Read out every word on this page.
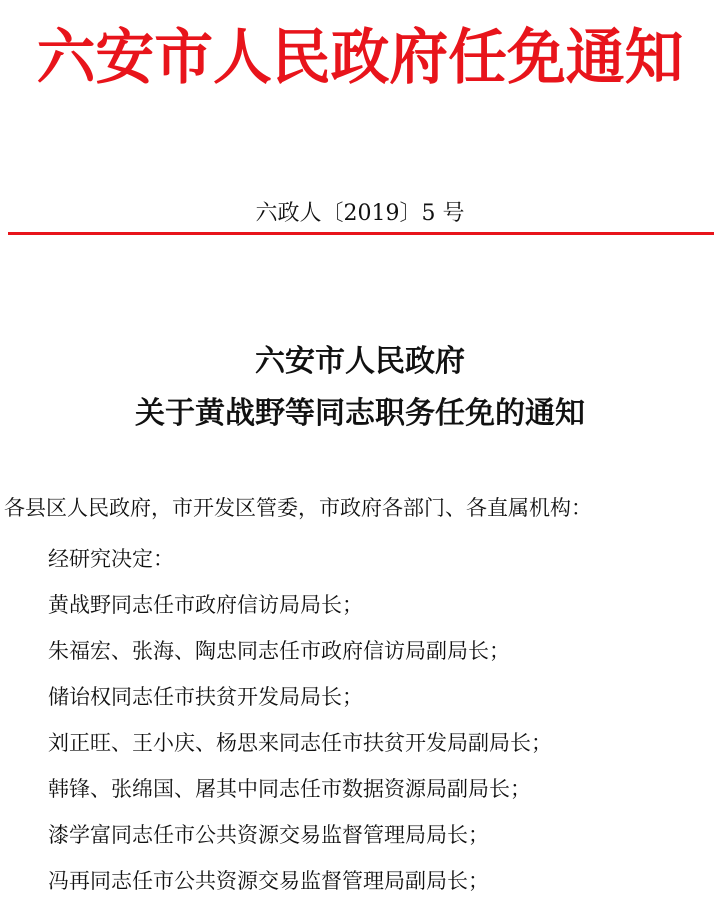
六安市人民政府任免通知
六政人〔2019〕5 号
六安市人民政府
关于黄战野等同志职务任免的通知
各县区人民政府，市开发区管委，市政府各部门、各直属机构：
经研究决定：
黄战野同志任市政府信访局局长；
朱福宏、张海、陶忠同志任市政府信访局副局长；
储诒权同志任市扶贫开发局局长；
刘正旺、王小庆、杨思来同志任市扶贫开发局副局长；
韩锋、张绵国、屠其中同志任市数据资源局副局长；
漆学富同志任市公共资源交易监督管理局局长；
冯再同志任市公共资源交易监督管理局副局长；
